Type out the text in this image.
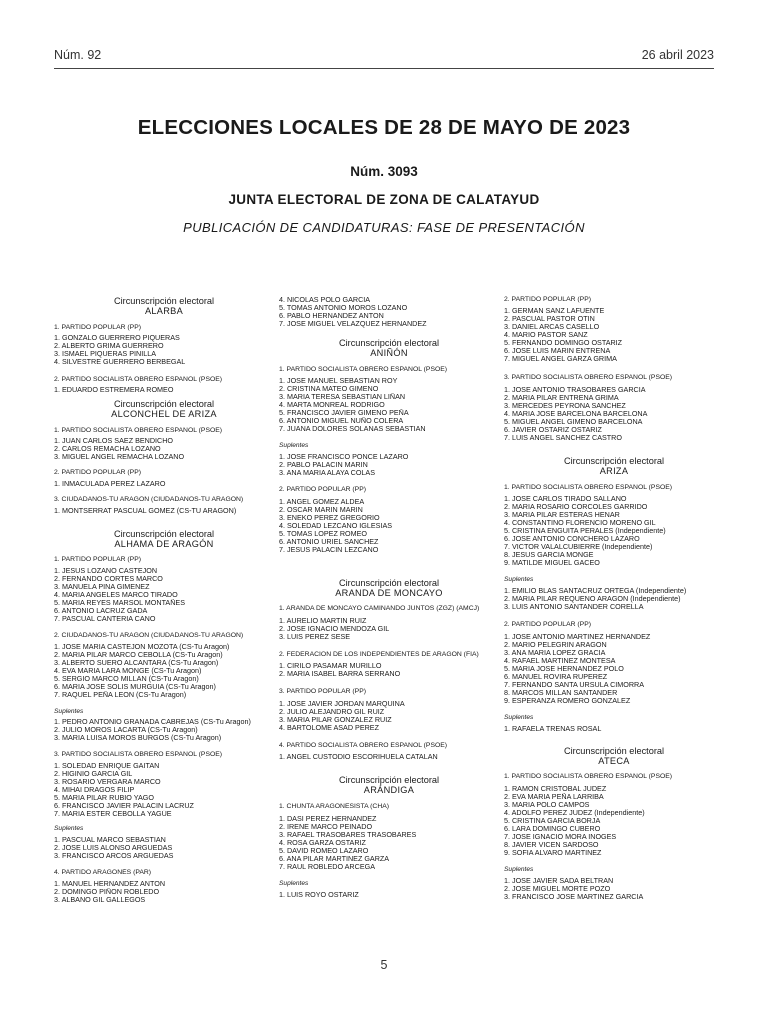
Núm. 92	26 abril 2023
ELECCIONES LOCALES DE 28 DE MAYO DE 2023
Núm. 3093
JUNTA ELECTORAL DE ZONA DE CALATAYUD
PUBLICACIÓN DE CANDIDATURAS: FASE DE PRESENTACIÓN
Circunscripción electoral
ALARBA
1. PARTIDO POPULAR (PP)
1. GONZALO GUERRERO PIQUERAS
2. ALBERTO GRIMA GUERRERO
3. ISMAEL PIQUERAS PINILLA
4. SILVESTRE GUERRERO BERBEGAL
2. PARTIDO SOCIALISTA OBRERO ESPAÑOL (PSOE)
1. EDUARDO ESTREMERA ROMEO
Circunscripción electoral
ALCONCHEL DE ARIZA
1. PARTIDO SOCIALISTA OBRERO ESPAÑOL (PSOE)
1. JUAN CARLOS SAEZ BENDICHO
2. CARLOS REMACHA LOZANO
3. MIGUEL ANGEL REMACHA LOZANO
2. PARTIDO POPULAR (PP)
1. INMACULADA PEREZ LAZARO
3. CIUDADANOS-TÚ ARAGÓN (CIUDADANOS-TÚ ARAGÓN)
1. MONTSERRAT PASCUAL GOMEZ (CS-TU ARAGON)
Circunscripción electoral
ALHAMA DE ARAGÓN
1. PARTIDO POPULAR (PP)
1. JESUS LOZANO CASTEJON
2. FERNANDO CORTES MARCO
3. MANUELA PINA GIMENEZ
4. MARIA ANGELES MARCO TIRADO
5. MARIA REYES MARSOL MONTAÑES
6. ANTONIO LACRUZ GADA
7. PASCUAL CANTERIA CANO
2. CIUDADANOS-TÚ ARAGÓN (CIUDADANOS-TÚ ARAGÓN)
1. JOSE MARIA CASTEJON MOZOTA (CS-Tu Aragon)
2. MARIA PILAR MARCO CEBOLLA (CS-Tu Aragon)
3. ALBERTO SUERO ALCANTARA (CS-Tu Aragon)
4. EVA MARIA LARA MONGE (CS-Tu Aragon)
5. SERGIO MARCO MILLAN (CS-Tu Aragon)
6. MARIA JOSE SOLIS MURGUIA (CS-Tu Aragon)
7. RAQUEL PEÑA LEON (CS-Tu Aragon)
Suplentes
1. PEDRO ANTONIO GRANADA CABREJAS (CS-Tu Aragon)
2. JULIO MOROS LACARTA (CS-Tu Aragon)
3. MARIA LUISA MOROS BURGOS (CS-Tu Aragon)
3. PARTIDO SOCIALISTA OBRERO ESPAÑOL (PSOE)
1. SOLEDAD ENRIQUE GAITAN
2. HIGINIO GARCIA GIL
3. ROSARIO VERGARA MARCO
4. MIHAI DRAGOS FILIP
5. MARIA PILAR RUBIO YAGO
6. FRANCISCO JAVIER PALACIN LACRUZ
7. MARIA ESTER CEBOLLA YAGÜE
Suplentes
1. PASCUAL MARCO SEBASTIAN
2. JOSE LUIS ALONSO ARGUEDAS
3. FRANCISCO ARCOS ARGUEDAS
4. PARTIDO ARAGONÉS (PAR)
1. MANUEL HERNANDEZ ANTON
2. DOMINGO PIÑON ROBLEDO
3. ALBANO GIL GALLEGOS
4. NICOLAS POLO GARCIA
5. TOMAS ANTONIO MOROS LOZANO
6. PABLO HERNANDEZ ANTON
7. JOSE MIGUEL VELAZQUEZ HERNANDEZ
Circunscripción electoral
ANIÑÓN
1. PARTIDO SOCIALISTA OBRERO ESPAÑOL (PSOE)
1. JOSE MANUEL SEBASTIAN ROY
2. CRISTINA MATEO GIMENO
3. MARIA TERESA SEBASTIAN LIÑAN
4. MARTA MONREAL RODRIGO
5. FRANCISCO JAVIER GIMENO PEÑA
6. ANTONIO MIGUEL NUÑO COLERA
7. JUANA DOLORES SOLANAS SEBASTIAN
Suplentes
1. JOSE FRANCISCO PONCE LAZARO
2. PABLO PALACIN MARIN
3. ANA MARIA ALAYA COLAS
2. PARTIDO POPULAR (PP)
1. ANGEL GOMEZ ALDEA
2. OSCAR MARIN MARIN
3. ENEKO PEREZ GREGORIO
4. SOLEDAD LEZCANO IGLESIAS
5. TOMAS LOPEZ ROMEO
6. ANTONIO URIEL SANCHEZ
7. JESUS PALACIN LEZCANO
Circunscripción electoral
ARANDA DE MONCAYO
1. ARANDA DE MONCAYO CAMINANDO JUNTOS (ZGZ) (AMCJ)
1. AURELIO MARTIN RUIZ
2. JOSE IGNACIO MENDOZA GIL
3. LUIS PEREZ SESE
2. FEDERACION DE LOS INDEPENDIENTES DE ARAGÓN (FIA)
1. CIRILO PASAMAR MURILLO
2. MARIA ISABEL BARRA SERRANO
3. PARTIDO POPULAR (PP)
1. JOSE JAVIER JORDAN MARQUINA
2. JULIO ALEJANDRO GIL RUIZ
3. MARIA PILAR GONZALEZ RUIZ
4. BARTOLOME ASAD PEREZ
4. PARTIDO SOCIALISTA OBRERO ESPAÑOL (PSOE)
1. ANGEL CUSTODIO ESCORIHUELA CATALAN
Circunscripción electoral
ARÁNDIGA
1. CHUNTA ARAGONESISTA (CHA)
1. DASI PEREZ HERNANDEZ
2. IRENE MARCO PEINADO
3. RAFAEL TRASOBARES TRASOBARES
4. ROSA GARZA OSTARIZ
5. DAVID ROMEO LAZARO
6. ANA PILAR MARTINEZ GARZA
7. RAUL ROBLEDO ARCEGA
Suplentes
1. LUIS ROYO OSTARIZ
2. PARTIDO POPULAR (PP)
1. GERMAN SANZ LAFUENTE
2. PASCUAL PASTOR OTIN
3. DANIEL ARCAS CASELLO
4. MARIO PASTOR SANZ
5. FERNANDO DOMINGO OSTARIZ
6. JOSE LUIS MARIN ENTRENA
7. MIGUEL ANGEL GARZA GRIMA
3. PARTIDO SOCIALISTA OBRERO ESPAÑOL (PSOE)
1. JOSE ANTONIO TRASOBARES GARCIA
2. MARIA PILAR ENTRENA GRIMA
3. MERCEDES PEYRONA SANCHEZ
4. MARIA JOSE BARCELONA BARCELONA
5. MIGUEL ANGEL GIMENO BARCELONA
6. JAVIER OSTARIZ OSTARIZ
7. LUIS ANGEL SANCHEZ CASTRO
Circunscripción electoral
ARIZA
1. PARTIDO SOCIALISTA OBRERO ESPAÑOL (PSOE)
1. JOSE CARLOS TIRADO SALLANO
2. MARIA ROSARIO CORCOLES GARRIDO
3. MARIA PILAR ESTERAS HENAR
4. CONSTANTINO FLORENCIO MORENO GIL
5. CRISTINA ENGUITA PERALES (Independiente)
6. JOSE ANTONIO CONCHERO LAZARO
7. VICTOR VALALCUBIERRE (Independiente)
8. JESUS GARCIA MONGE
9. MATILDE MIGUEL GACEO
Suplentes
1. EMILIO BLAS SANTACRUZ ORTEGA (Independiente)
2. MARIA PILAR REQUENO ARAGON (Independiente)
3. LUIS ANTONIO SANTANDER CORELLA
2. PARTIDO POPULAR (PP)
1. JOSE ANTONIO MARTINEZ HERNANDEZ
2. MARIO PELEGRIN ARAGON
3. ANA MARIA LOPEZ GRACIA
4. RAFAEL MARTINEZ MONTESA
5. MARIA JOSE HERNANDEZ POLO
6. MANUEL ROVIRA RUPEREZ
7. FERNANDO SANTA URSULA CIMORRA
8. MARCOS MILLAN SANTANDER
9. ESPERANZA ROMERO GONZALEZ
Suplentes
1. RAFAELA TRENAS ROSAL
Circunscripción electoral
ATECA
1. PARTIDO SOCIALISTA OBRERO ESPAÑOL (PSOE)
1. RAMON CRISTOBAL JUDEZ
2. EVA MARIA PEÑA LARRIBA
3. MARIA POLO CAMPOS
4. ADOLFO PEREZ JUDEZ (Independiente)
5. CRISTINA GARCIA BORJA
6. LARA DOMINGO CUBERO
7. JOSE IGNACIO MORA INOGES
8. JAVIER VICEN SARDOSO
9. SOFIA ALVARO MARTINEZ
Suplentes
1. JOSE JAVIER SADA BELTRAN
2. JOSE MIGUEL MORTE POZO
3. FRANCISCO JOSE MARTINEZ GARCIA
5
